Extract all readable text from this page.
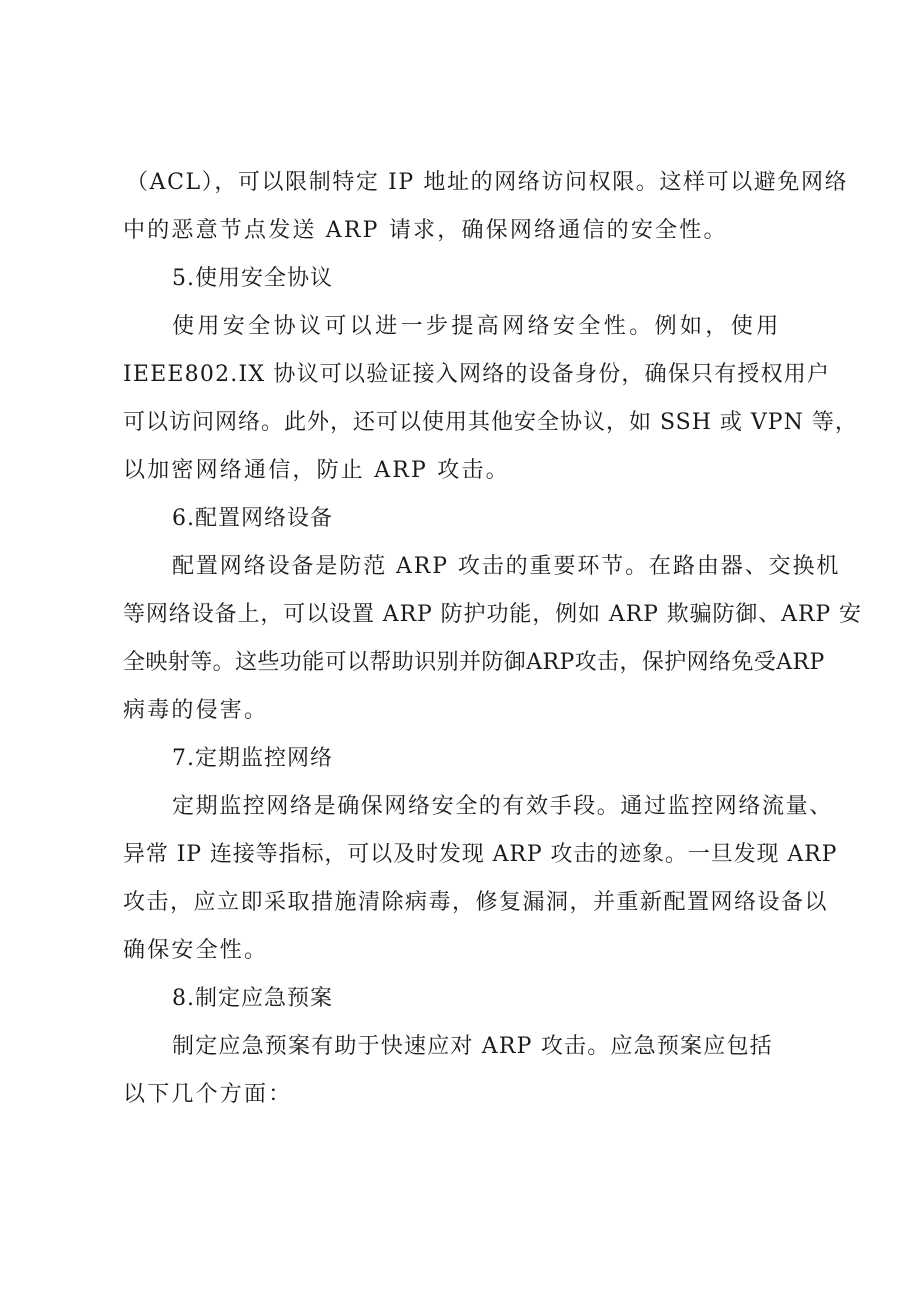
（ACL），可以限制特定 IP 地址的网络访问权限。这样可以避免网络
中的恶意节点发送 ARP 请求，确保网络通信的安全性。
5.使用安全协议
使用安全协议可以进一步提高网络安全性。例如，使用
IEEE802.IX 协议可以验证接入网络的设备身份，确保只有授权用户
可以访问网络。此外，还可以使用其他安全协议，如 SSH 或 VPN 等，
以加密网络通信，防止 ARP 攻击。
6.配置网络设备
配置网络设备是防范 ARP 攻击的重要环节。在路由器、交换机
等网络设备上，可以设置 ARP 防护功能，例如 ARP 欺骗防御、ARP 安
全映射等。这些功能可以帮助识别并防御ARP攻击，保护网络免受ARP
病毒的侵害。
7.定期监控网络
定期监控网络是确保网络安全的有效手段。通过监控网络流量、
异常 IP 连接等指标，可以及时发现 ARP 攻击的迹象。一旦发现 ARP
攻击，应立即采取措施清除病毒，修复漏洞，并重新配置网络设备以
确保安全性。
8.制定应急预案
制定应急预案有助于快速应对 ARP 攻击。应急预案应包括
以下几个方面：
